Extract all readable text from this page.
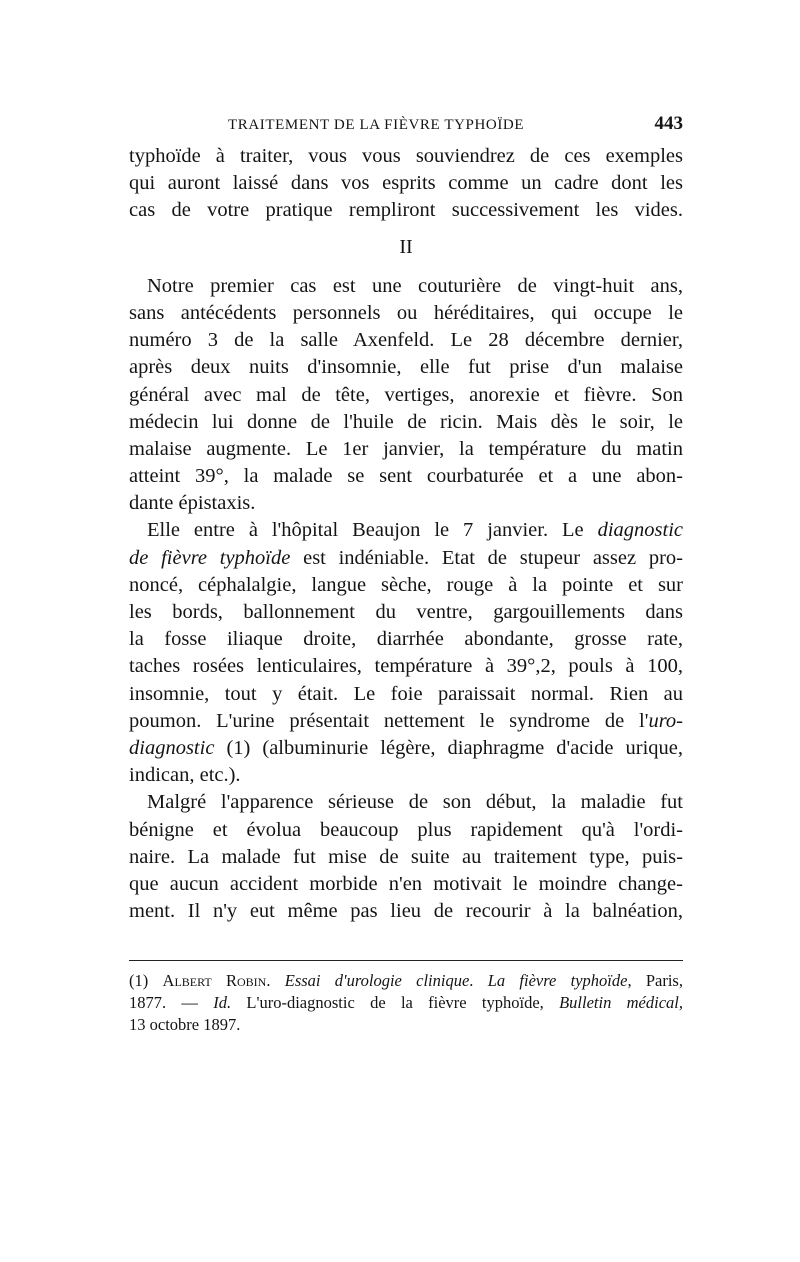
TRAITEMENT DE LA FIÈVRE TYPHOÏDE	443
typhoïde à traiter, vous vous souviendrez de ces exemples
qui auront laissé dans vos esprits comme un cadre dont les
cas de votre pratique rempliront successivement les vides.
II
Notre premier cas est une couturière de vingt-huit ans,
sans antécédents personnels ou héréditaires, qui occupe le
numéro 3 de la salle Axenfeld. Le 28 décembre dernier,
après deux nuits d'insomnie, elle fut prise d'un malaise
général avec mal de tête, vertiges, anorexie et fièvre. Son
médecin lui donne de l'huile de ricin. Mais dès le soir, le
malaise augmente. Le 1er janvier, la température du matin
atteint 39°, la malade se sent courbaturée et a une abon-
dante épistaxis.
Elle entre à l'hôpital Beaujon le 7 janvier. Le diagnostic
de fièvre typhoïde est indéniable. Etat de stupeur assez pro-
noncé, céphalalgie, langue sèche, rouge à la pointe et sur
les bords, ballonnement du ventre, gargouillements dans
la fosse iliaque droite, diarrhée abondante, grosse rate,
taches rosées lenticulaires, température à 39°,2, pouls à 100,
insomnie, tout y était. Le foie paraissait normal. Rien au
poumon. L'urine présentait nettement le syndrome de l'uro-
diagnostic (1) (albuminurie légère, diaphragme d'acide urique,
indican, etc.).
Malgré l'apparence sérieuse de son début, la maladie fut
bénigne et évolua beaucoup plus rapidement qu'à l'ordi-
naire. La malade fut mise de suite au traitement type, puis-
que aucun accident morbide n'en motivait le moindre change-
ment. Il n'y eut même pas lieu de recourir à la balnéation,
(1) Albert Robin. Essai d'urologie clinique. La fièvre typhoïde, Paris,
1877. — Id. L'uro-diagnostic de la fièvre typhoïde, Bulletin médical,
13 octobre 1897.
